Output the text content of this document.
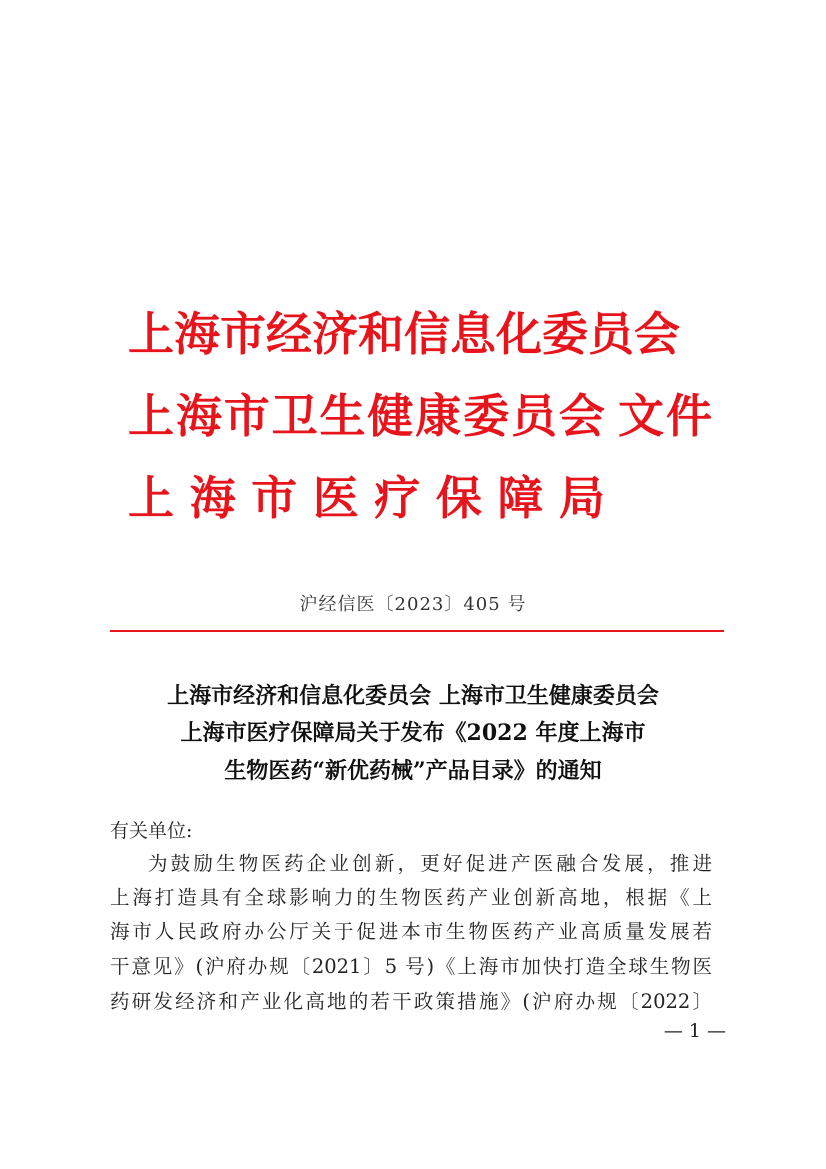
上 海 市 经 济 和 信 息 化 委 员 会
上 海 市 卫 生 健 康 委 员 会
上 海 市 医 疗 保 障 局
文件
沪经信医〔2023〕405 号
上海市经济和信息化委员会 上海市卫生健康委员会
上海市医疗保障局关于发布《2022 年度上海市
生物医药“新优药械”产品目录》的通知
有关单位:
为鼓励生物医药企业创新，更好促进产医融合发展，推进
上海打造具有全球影响力的生物医药产业创新高地，根据《上
海市人民政府办公厅关于促进本市生物医药产业高质量发展若
干意见》(沪府办规〔2021〕5 号)《上海市加快打造全球生物医
药研发经济和产业化高地的若干政策措施》(沪府办规〔2022〕
— 1 —
